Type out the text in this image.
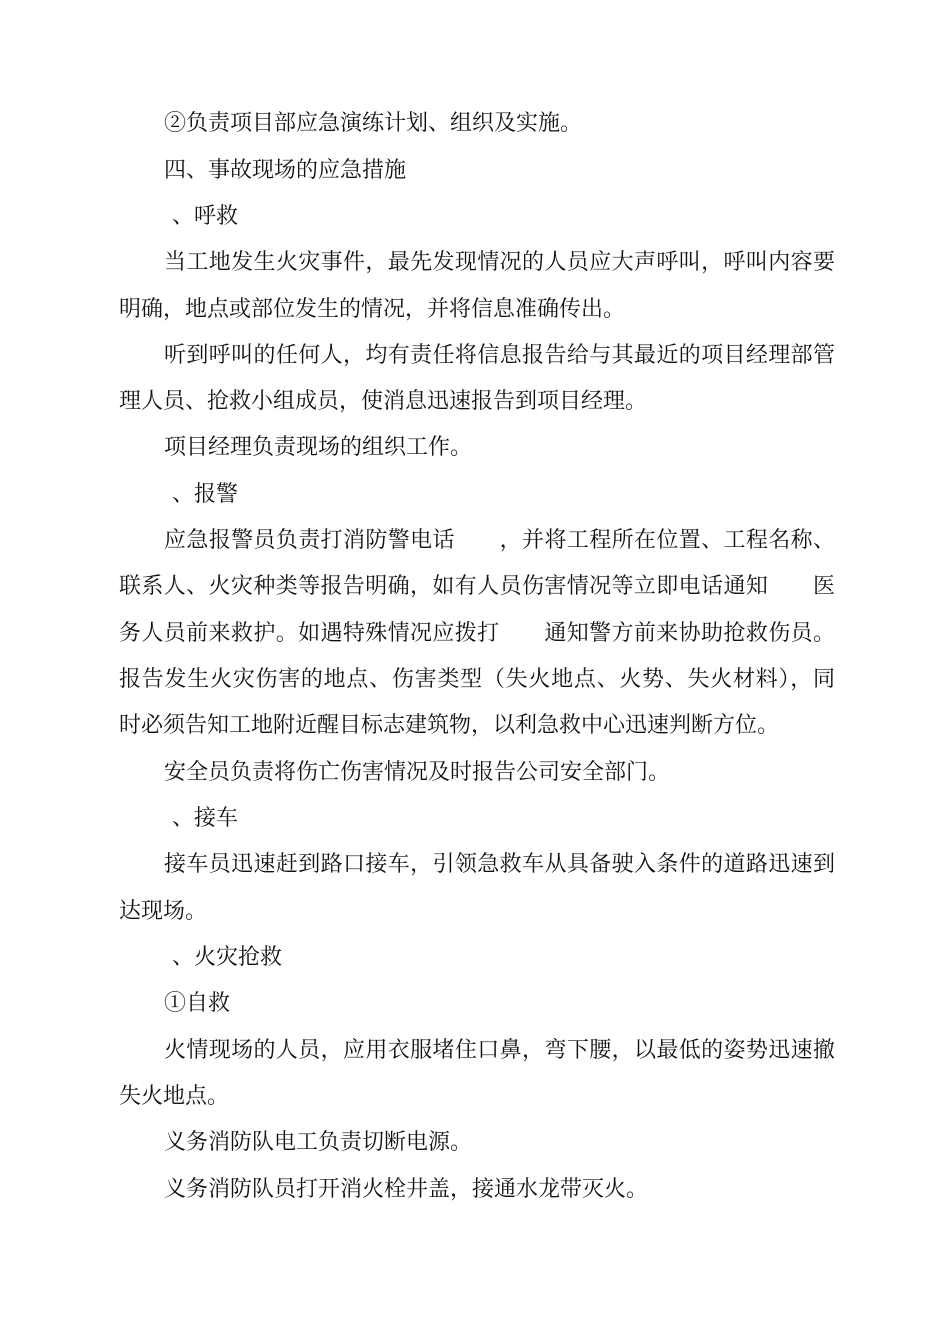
②负责项目部应急演练计划、组织及实施。
四、事故现场的应急措施
、呼救
当工地发生火灾事件，最先发现情况的人员应大声呼叫，呼叫内容要
明确，地点或部位发生的情况，并将信息准确传出。
听到呼叫的任何人，均有责任将信息报告给与其最近的项目经理部管
理人员、抢救小组成员，使消息迅速报告到项目经理。
项目经理负责现场的组织工作。
、报警
应急报警员负责打消防警电话　　，并将工程所在位置、工程名称、
联系人、火灾种类等报告明确，如有人员伤害情况等立即电话通知　　医
务人员前来救护。如遇特殊情况应拨打　　通知警方前来协助抢救伤员。
报告发生火灾伤害的地点、伤害类型（失火地点、火势、失火材料），同
时必须告知工地附近醒目标志建筑物，以利急救中心迅速判断方位。
安全员负责将伤亡伤害情况及时报告公司安全部门。
、接车
接车员迅速赶到路口接车，引领急救车从具备驶入条件的道路迅速到
达现场。
、火灾抢救
①自救
火情现场的人员，应用衣服堵住口鼻，弯下腰，以最低的姿势迅速撤
失火地点。
义务消防队电工负责切断电源。
义务消防队员打开消火栓井盖，接通水龙带灭火。
